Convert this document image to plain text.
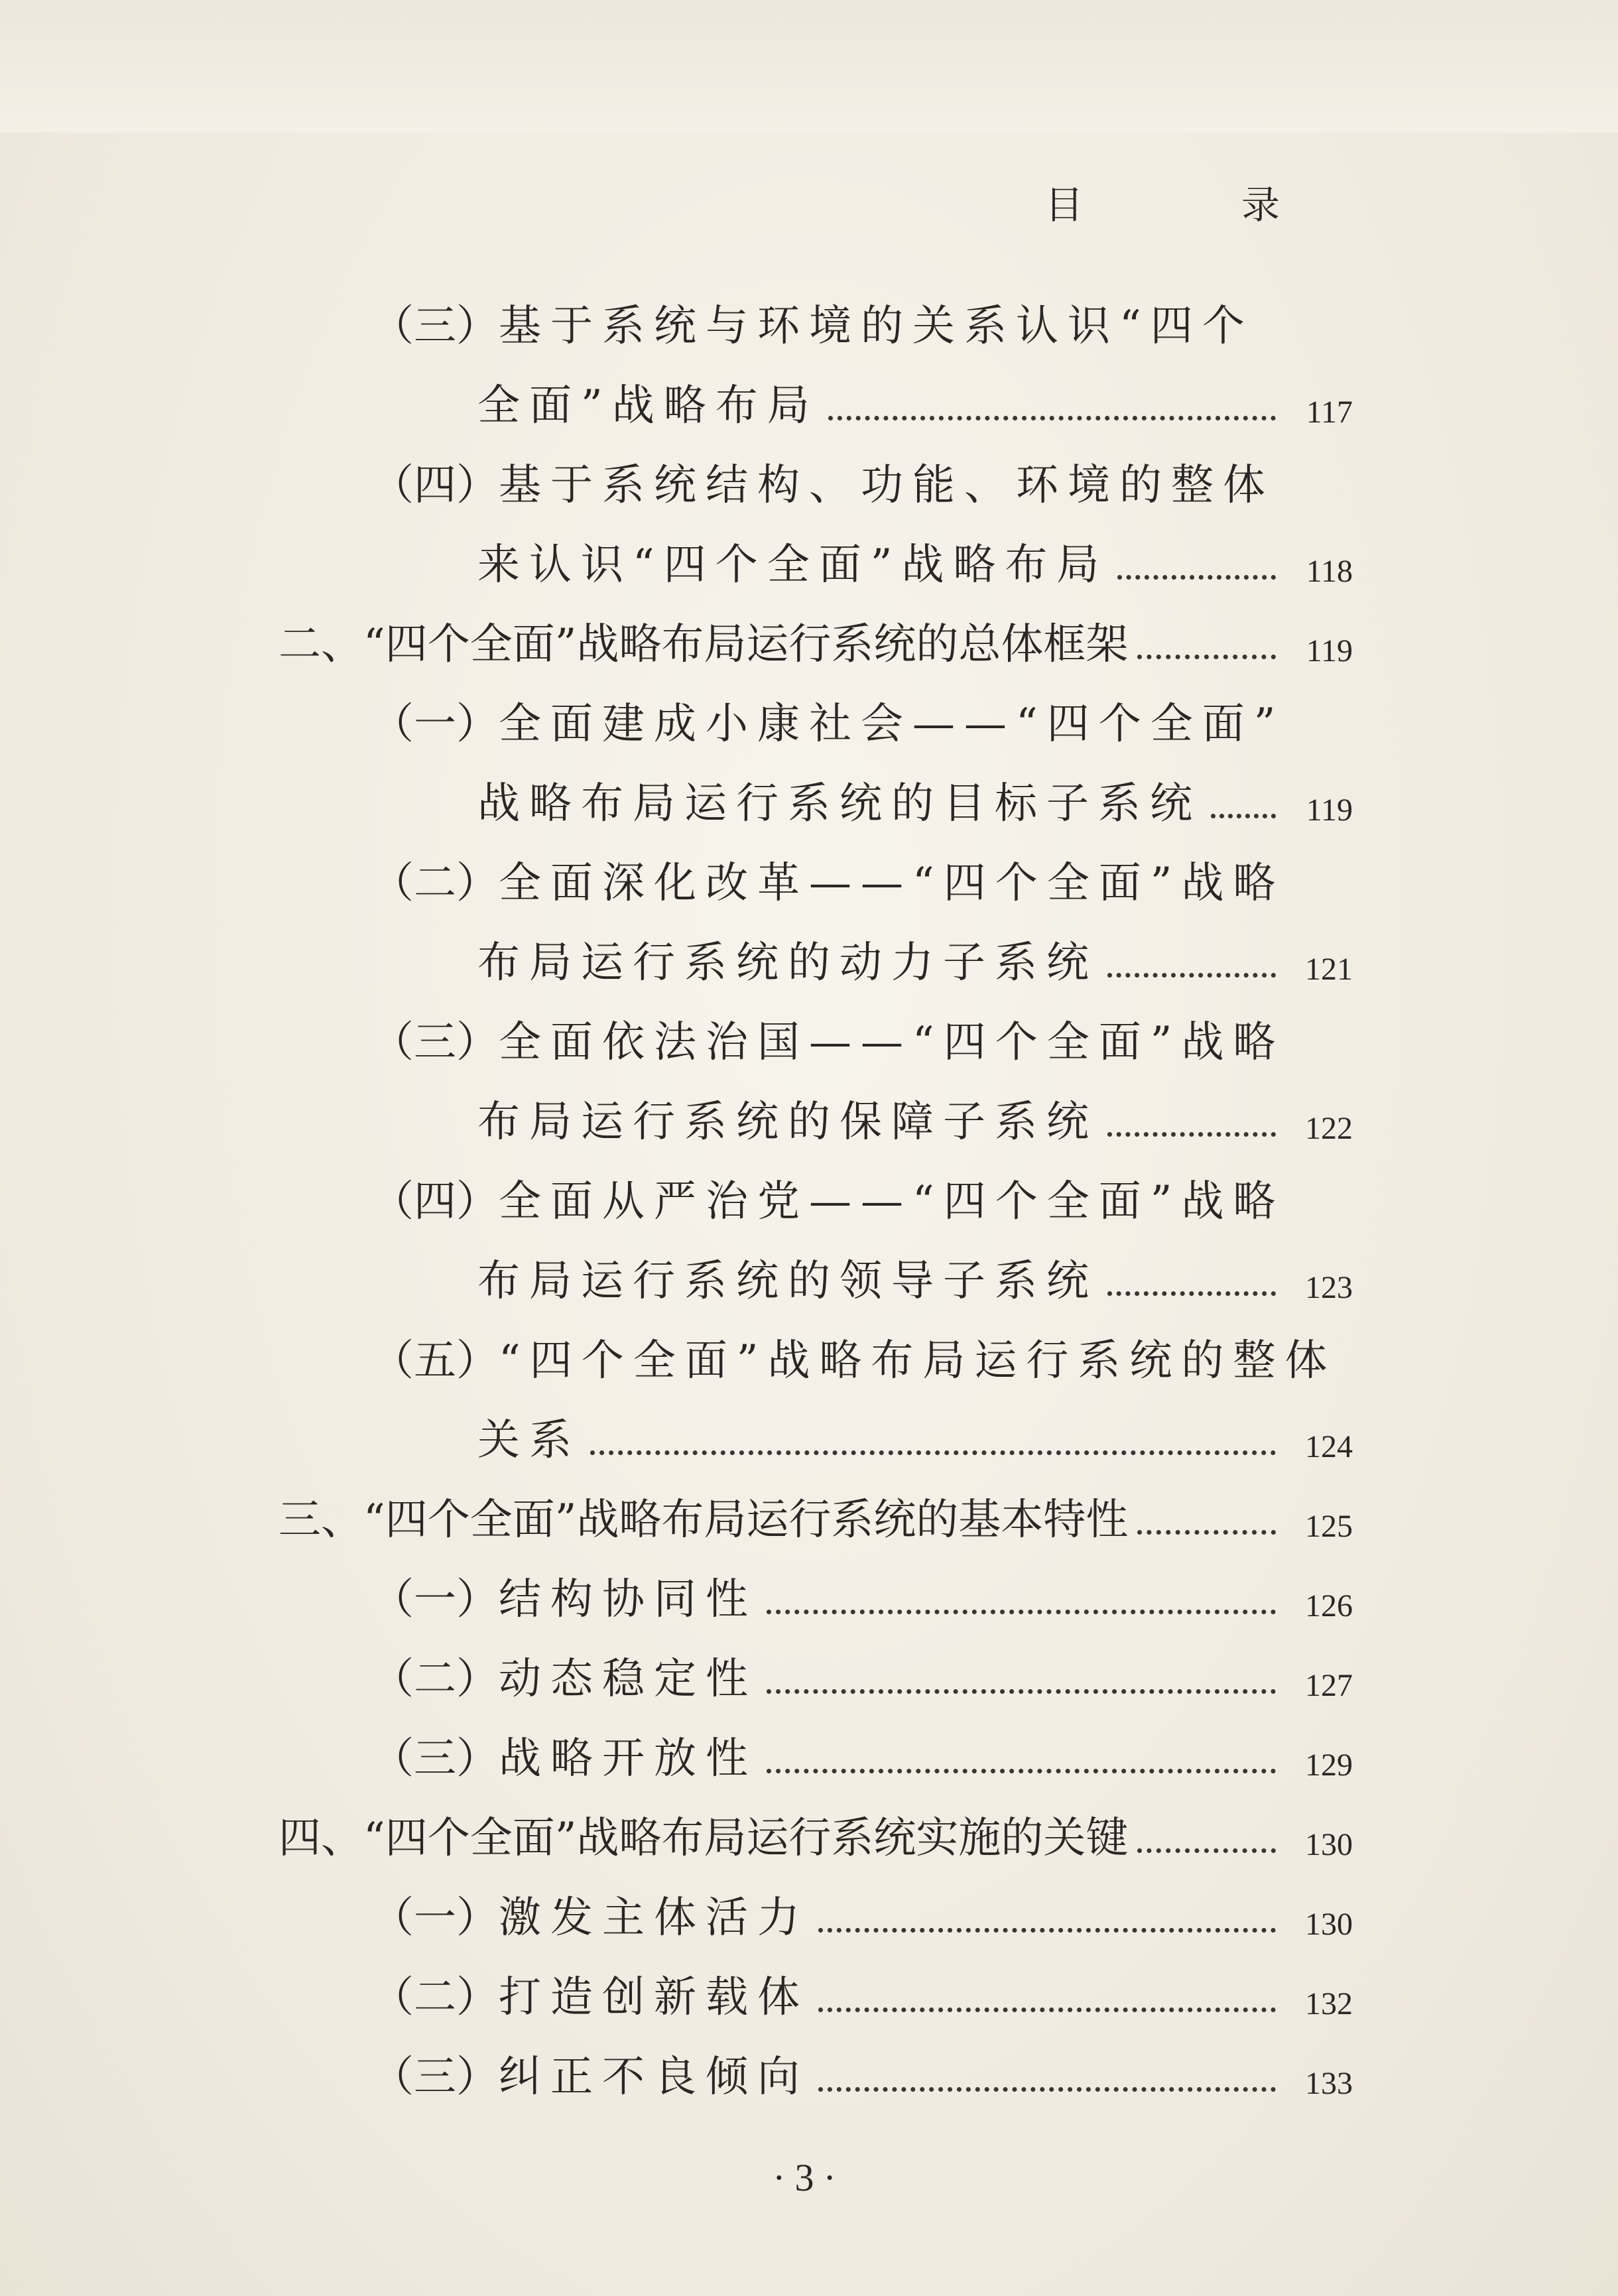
目 录
（三） 基于系统与环境的关系认识“四个
全面”战略布局	117
（四） 基于系统结构、功能、环境的整体
来认识“四个全面”战略布局	118
二、 “四个全面”战略布局运行系统的总体框架	119
（一） 全面建成小康社会——“四个全面”
战略布局运行系统的目标子系统	119
（二） 全面深化改革——“四个全面”战略
布局运行系统的动力子系统	121
（三） 全面依法治国——“四个全面”战略
布局运行系统的保障子系统	122
（四） 全面从严治党——“四个全面”战略
布局运行系统的领导子系统	123
（五） “四个全面”战略布局运行系统的整体
关系	124
三、 “四个全面”战略布局运行系统的基本特性	125
（一） 结构协同性	126
（二） 动态稳定性	127
（三） 战略开放性	129
四、 “四个全面”战略布局运行系统实施的关键	130
（一） 激发主体活力	130
（二） 打造创新载体	132
（三） 纠正不良倾向	133
·3·
